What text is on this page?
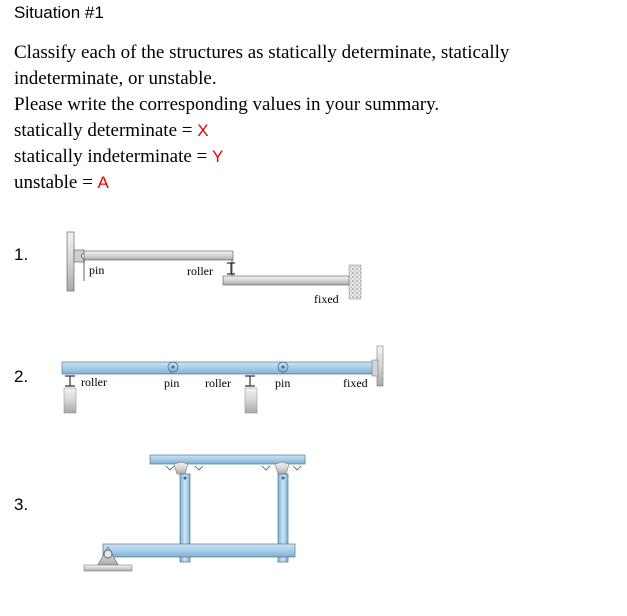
Situation #1
Classify each of the structures as statically determinate, statically
indeterminate, or unstable.
Please write the corresponding values in your summary.
statically determinate = X
statically indeterminate = Y
unstable = A
1.
2.
3.
pin	roller
fixed
roller	pin roller	pin	fixed
